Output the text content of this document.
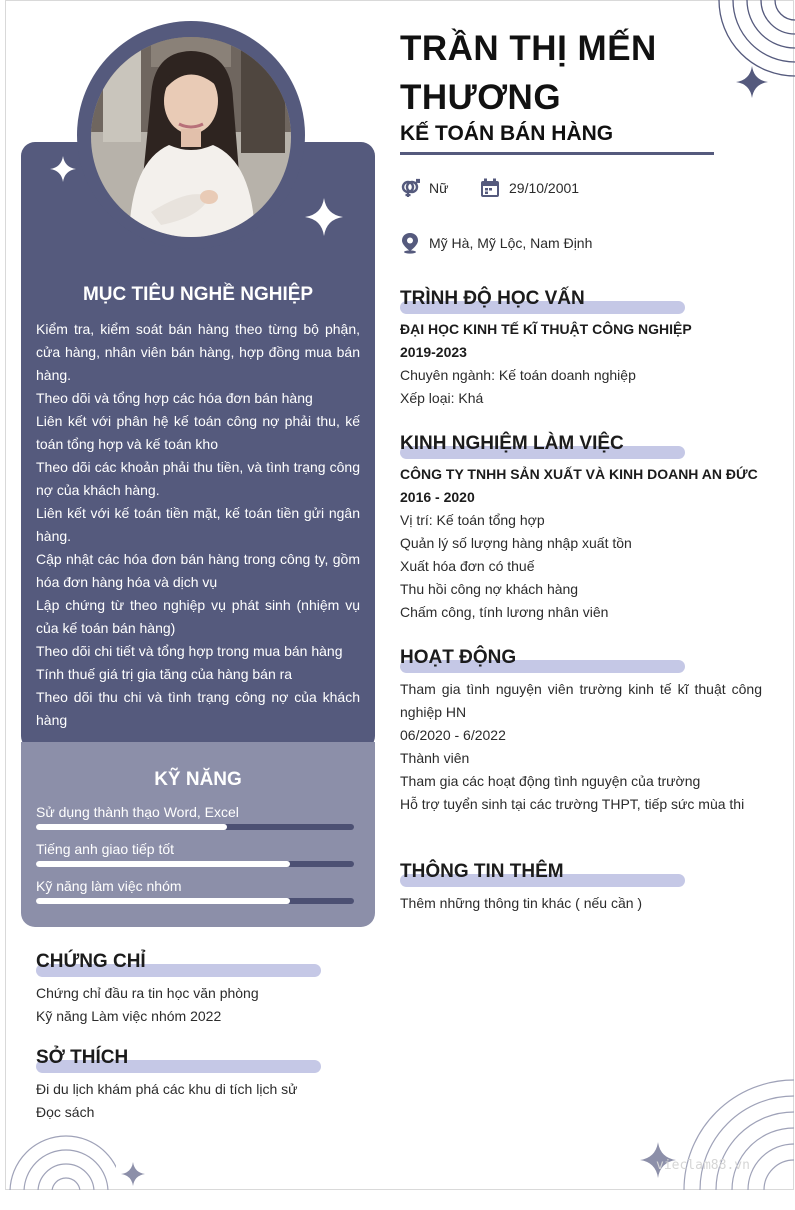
vieclam88.vn
MỤC TIÊU NGHỀ NGHIỆP

Kiểm tra, kiểm soát bán hàng theo từng bộ phận, cửa hàng, nhân viên bán hàng, hợp đồng mua bán hàng.

Theo dõi và tổng hợp các hóa đơn bán hàng

Liên kết với phân hệ kế toán công nợ phải thu, kế toán tổng hợp và kế toán kho

Theo dõi các khoản phải thu tiền, và tình trạng công nợ của khách hàng.

Liên kết với kế toán tiền mặt, kế toán tiền gửi ngân hàng.

Cập nhật các hóa đơn bán hàng trong công ty, gồm hóa đơn hàng hóa và dịch vụ

Lập chứng từ theo nghiệp vụ phát sinh (nhiệm vụ của kế toán bán hàng)

Theo dõi chi tiết và tổng hợp trong mua bán hàng

Tính thuế giá trị gia tăng của hàng bán ra

Theo dõi thu chi và tình trạng công nợ của khách hàng

KỸ NĂNG
Sử dụng thành thạo Word, Excel
Tiếng anh giao tiếp tốt
Kỹ năng làm việc nhóm
CHỨNG CHỈ

Chứng chỉ đầu ra tin học văn phòng

Kỹ năng Làm việc nhóm 2022

SỞ THÍCH

Đi du lịch khám phá các khu di tích lịch sử

Đọc sách

TRẦN THỊ MẾN THƯƠNG
KẾ TOÁN BÁN HÀNG
Nữ	29/10/2001
Mỹ Hà, Mỹ Lộc, Nam Định
TRÌNH ĐỘ HỌC VẤN

ĐẠI HỌC KINH TẾ KĨ THUẬT CÔNG NGHIỆP

2019-2023

Chuyên ngành: Kế toán doanh nghiệp

Xếp loại: Khá

KINH NGHIỆM LÀM VIỆC

CÔNG TY TNHH SẢN XUẤT VÀ KINH DOANH AN ĐỨC

2016 - 2020

Vị trí: Kế toán tổng hợp

Quản lý số lượng hàng nhập xuất tồn

Xuất hóa đơn có thuế

Thu hồi công nợ khách hàng

Chấm công, tính lương nhân viên

HOẠT ĐỘNG

Tham gia tình nguyện viên trường kinh tế kĩ thuật công nghiệp HN

06/2020 - 6/2022

Thành viên

Tham gia các hoạt động tình nguyện của trường

Hỗ trợ tuyển sinh tại các trường THPT, tiếp sức mùa thi

THÔNG TIN THÊM

Thêm những thông tin khác ( nếu cần )
